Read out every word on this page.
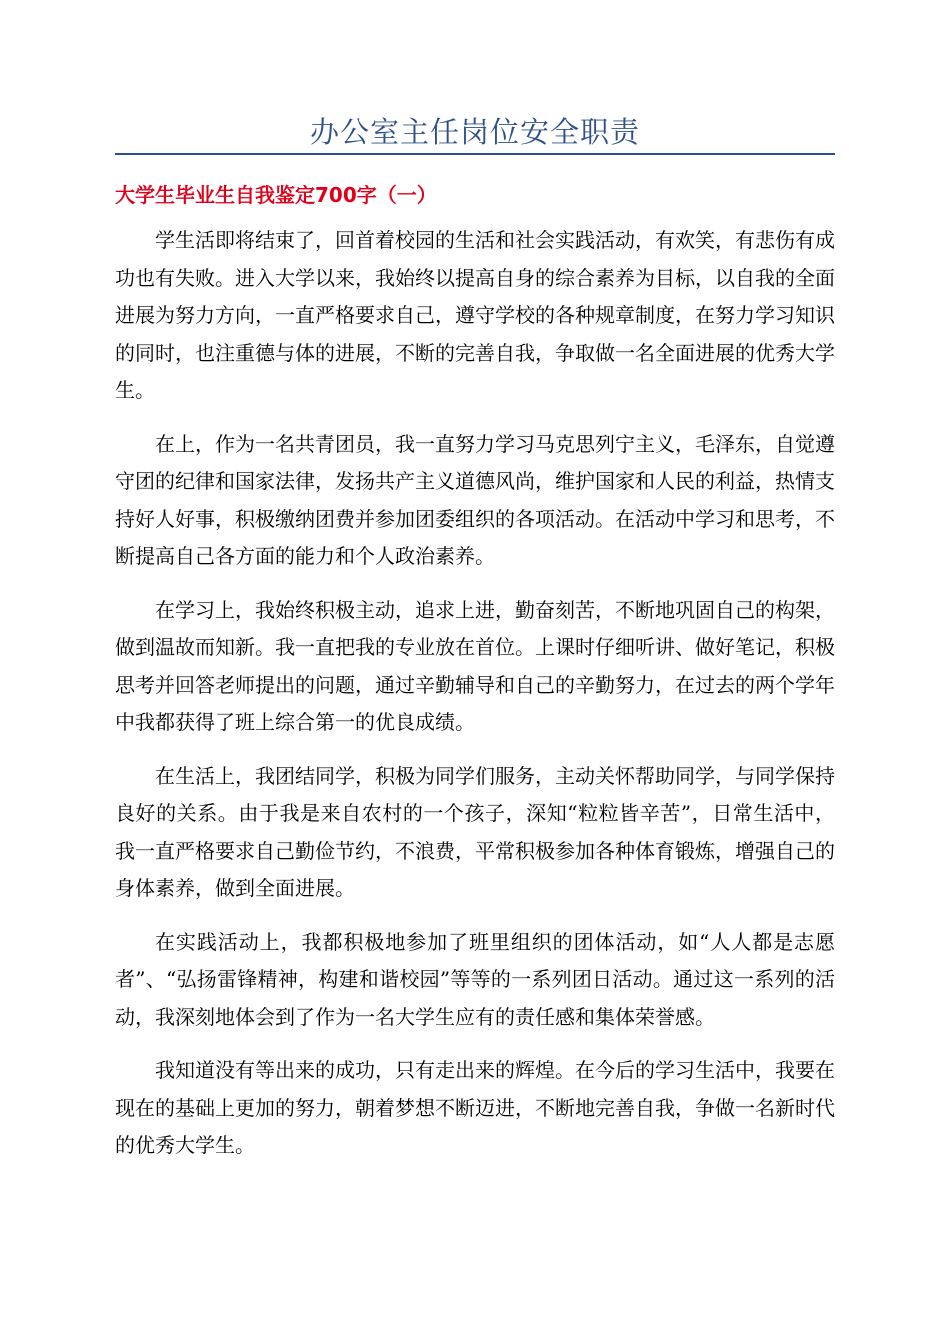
办公室主任岗位安全职责
大学生毕业生自我鉴定700字（一）

学生活即将结束了，回首着校园的生活和社会实践活动，有欢笑，有悲伤有成功也有失败。进入大学以来，我始终以提高自身的综合素养为目标，以自我的全面进展为努力方向，一直严格要求自己，遵守学校的各种规章制度，在努力学习知识的同时，也注重德与体的进展，不断的完善自我，争取做一名全面进展的优秀大学生。

在上，作为一名共青团员，我一直努力学习马克思列宁主义，毛泽东，自觉遵守团的纪律和国家法律，发扬共产主义道德风尚，维护国家和人民的利益，热情支持好人好事，积极缴纳团费并参加团委组织的各项活动。在活动中学习和思考，不断提高自己各方面的能力和个人政治素养。

在学习上，我始终积极主动，追求上进，勤奋刻苦，不断地巩固自己的构架，做到温故而知新。我一直把我的专业放在首位。上课时仔细听讲、做好笔记，积极思考并回答老师提出的问题，通过辛勤辅导和自己的辛勤努力，在过去的两个学年中我都获得了班上综合第一的优良成绩。

在生活上，我团结同学，积极为同学们服务，主动关怀帮助同学，与同学保持良好的关系。由于我是来自农村的一个孩子，深知“粒粒皆辛苦”，日常生活中，我一直严格要求自己勤俭节约，不浪费，平常积极参加各种体育锻炼，增强自己的身体素养，做到全面进展。

在实践活动上，我都积极地参加了班里组织的团体活动，如“人人都是志愿者”、“弘扬雷锋精神，构建和谐校园”等等的一系列团日活动。通过这一系列的活动，我深刻地体会到了作为一名大学生应有的责任感和集体荣誉感。

我知道没有等出来的成功，只有走出来的辉煌。在今后的学习生活中，我要在现在的基础上更加的努力，朝着梦想不断迈进，不断地完善自我，争做一名新时代的优秀大学生。
